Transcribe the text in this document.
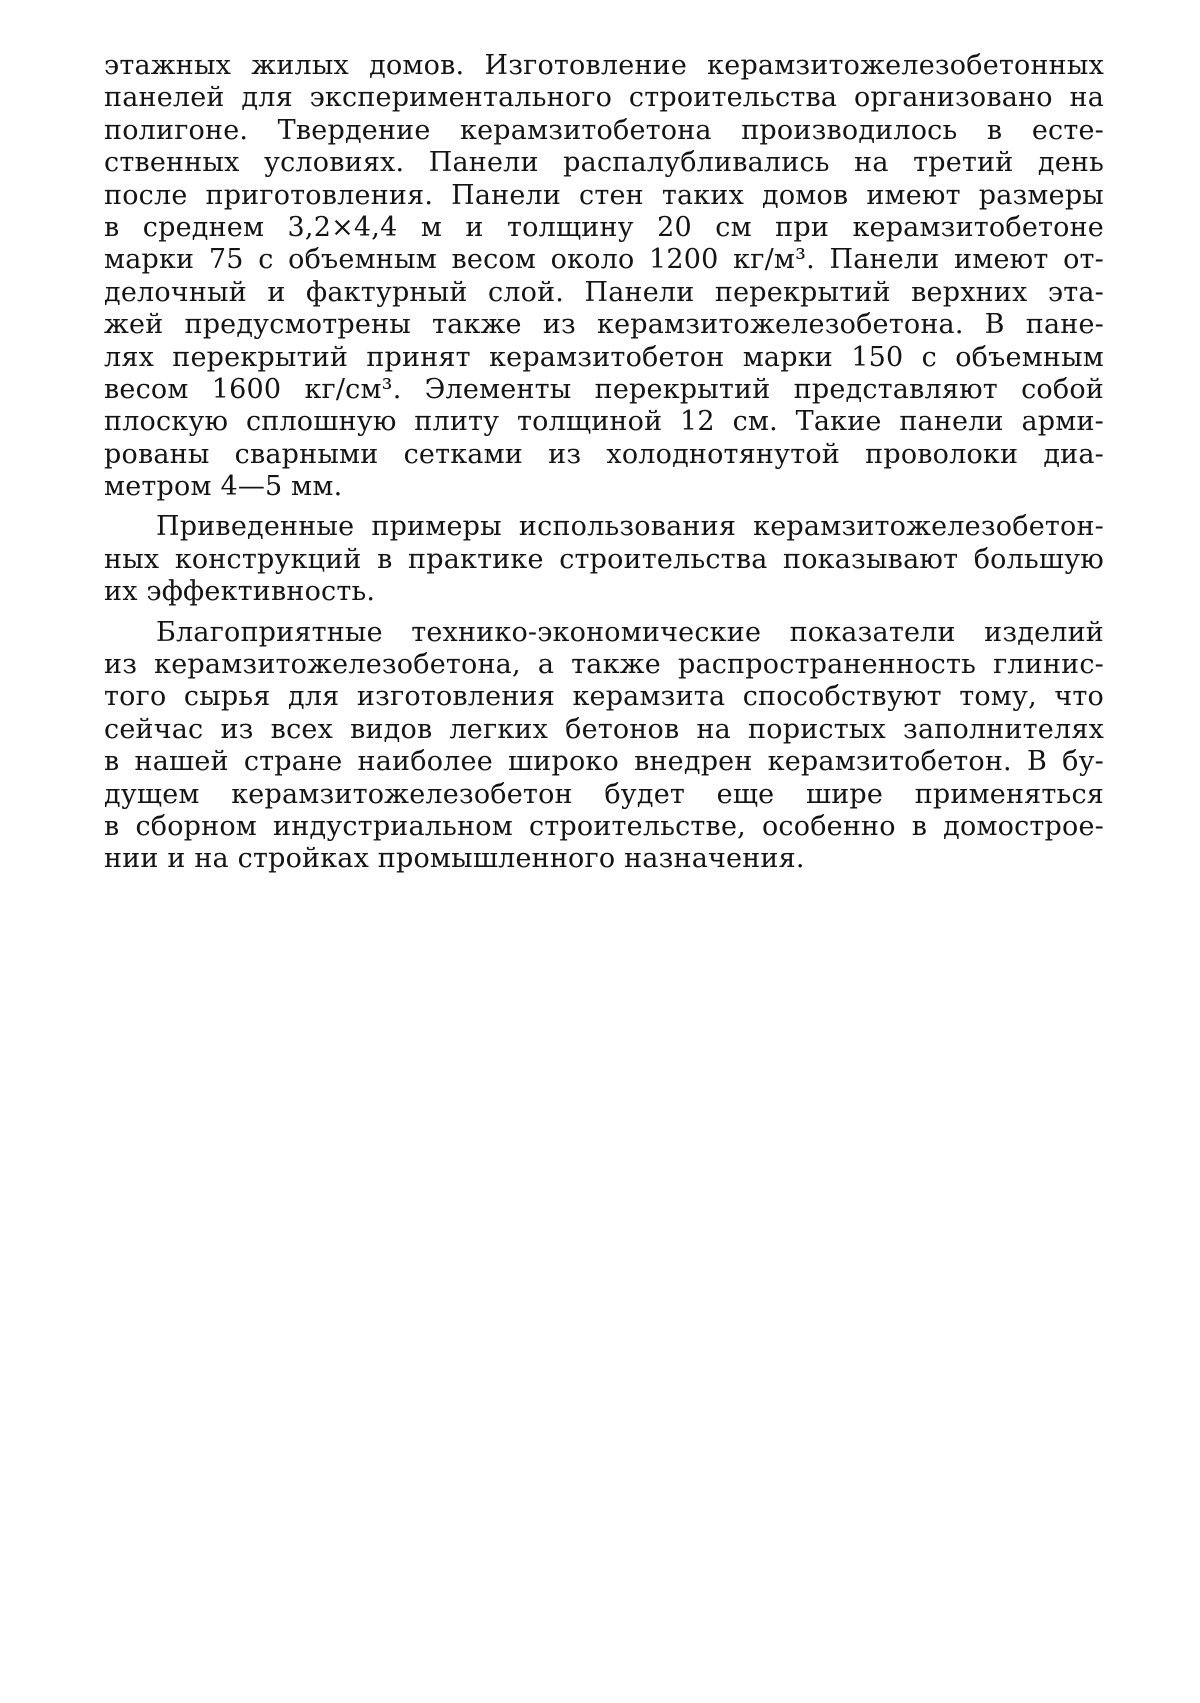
этажных жилых домов. Изготовление керамзитожелезобетонных
панелей для экспериментального строительства организовано на
полигоне. Твердение керамзитобетона производилось в есте-
ственных условиях. Панели распалубливались на третий день
после приготовления. Панели стен таких домов имеют размеры
в среднем 3,2×4,4 м и толщину 20 см при керамзитобетоне
марки 75 с объемным весом около 1200 кг/м³. Панели имеют от-
делочный и фактурный слой. Панели перекрытий верхних эта-
жей предусмотрены также из керамзитожелезобетона. В пане-
лях перекрытий принят керамзитобетон марки 150 с объемным
весом 1600 кг/см³. Элементы перекрытий представляют собой
плоскую сплошную плиту толщиной 12 см. Такие панели арми-
рованы сварными сетками из холоднотянутой проволоки диа-
метром 4—5 мм.
Приведенные примеры использования керамзитожелезобетон-
ных конструкций в практике строительства показывают большую
их эффективность.
Благоприятные технико-экономические показатели изделий
из керамзитожелезобетона, а также распространенность глинис-
того сырья для изготовления керамзита способствуют тому, что
сейчас из всех видов легких бетонов на пористых заполнителях
в нашей стране наиболее широко внедрен керамзитобетон. В бу-
дущем керамзитожелезобетон будет еще шире применяться
в сборном индустриальном строительстве, особенно в домострое-
нии и на стройках промышленного назначения.
